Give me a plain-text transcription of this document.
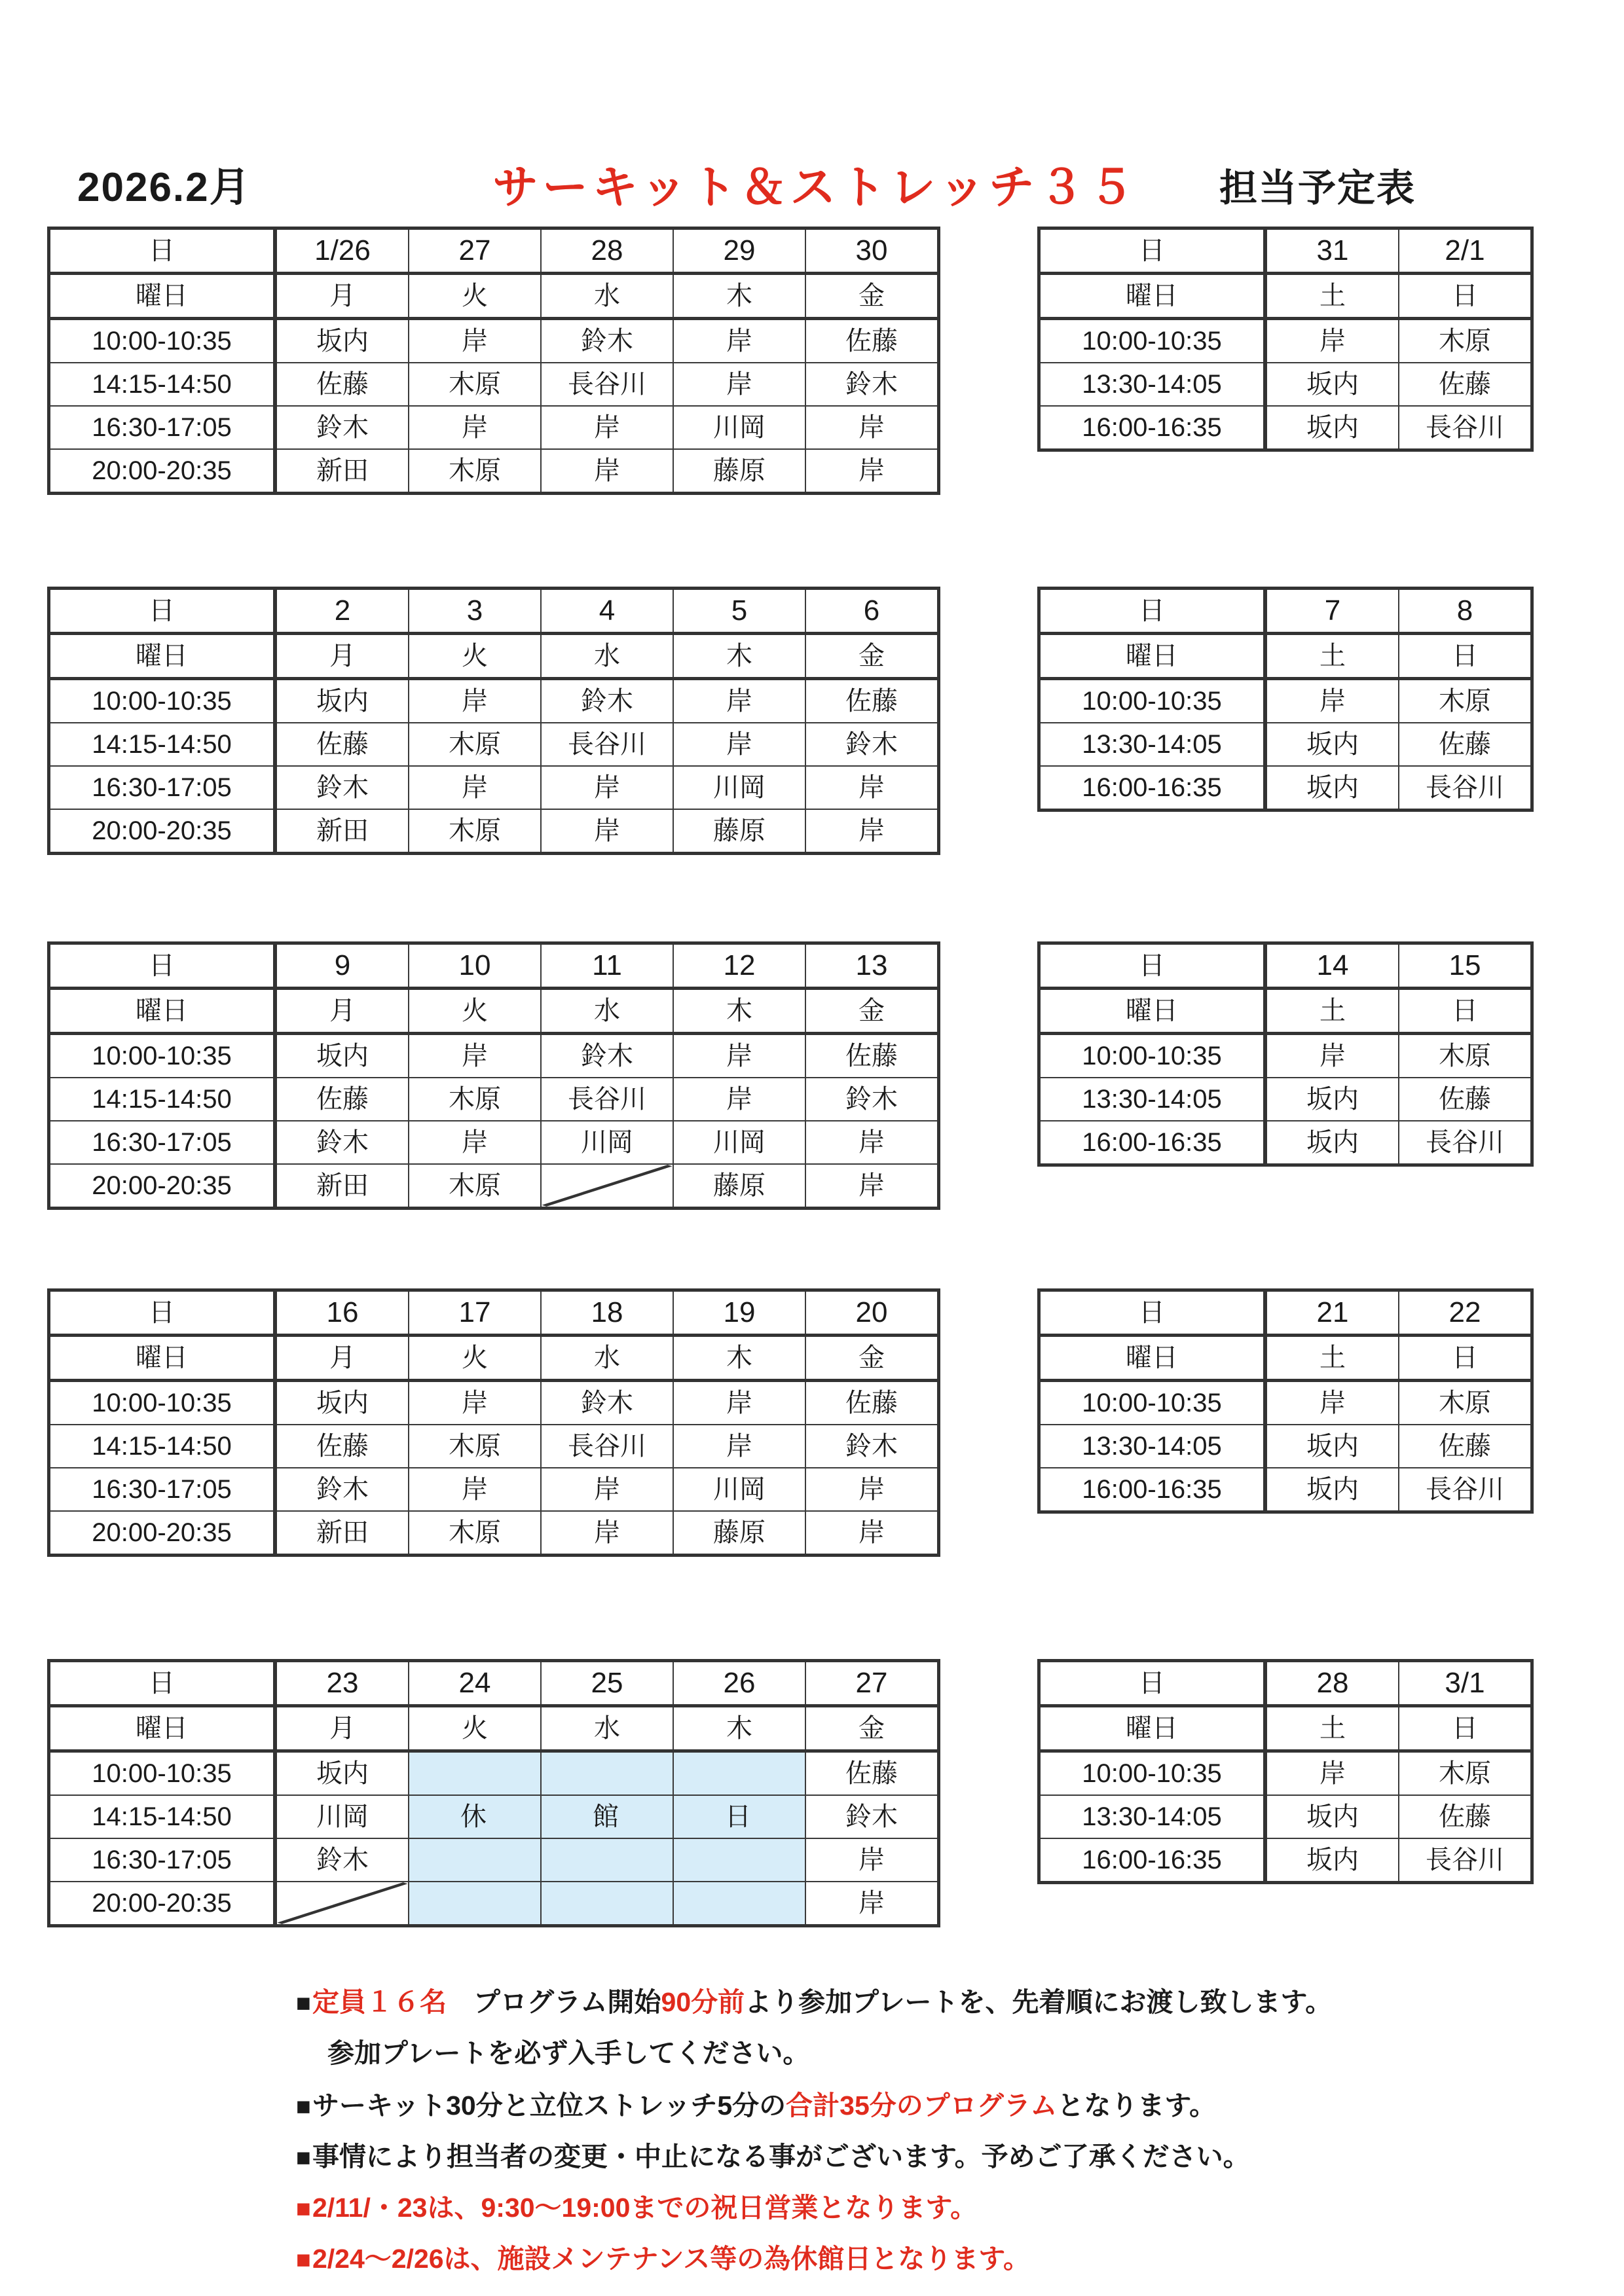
2026.2月	サーキット＆ストレッチ３５ 担当予定表
日	1/26	27	28	29	30
曜日	月	火	水	木	金
10:00-10:35	坂内	岸	鈴木	岸	佐藤
14:15-14:50	佐藤	木原	長谷川	岸	鈴木
16:30-17:05	鈴木	岸	岸	川岡	岸
20:00-20:35	新田	木原	岸	藤原	岸
日	31	2/1
曜日	土	日
10:00-10:35	岸	木原
13:30-14:05	坂内	佐藤
16:00-16:35	坂内	長谷川
日	2	3	4	5	6
曜日	月	火	水	木	金
10:00-10:35	坂内	岸	鈴木	岸	佐藤
14:15-14:50	佐藤	木原	長谷川	岸	鈴木
16:30-17:05	鈴木	岸	岸	川岡	岸
20:00-20:35	新田	木原	岸	藤原	岸
日	7	8
曜日	土	日
10:00-10:35	岸	木原
13:30-14:05	坂内	佐藤
16:00-16:35	坂内	長谷川
日	9	10	11	12	13
曜日	月	火	水	木	金
10:00-10:35	坂内	岸	鈴木	岸	佐藤
14:15-14:50	佐藤	木原	長谷川	岸	鈴木
16:30-17:05	鈴木	岸	川岡	川岡	岸
20:00-20:35	新田	木原		藤原	岸
日	14	15
曜日	土	日
10:00-10:35	岸	木原
13:30-14:05	坂内	佐藤
16:00-16:35	坂内	長谷川
日	16	17	18	19	20
曜日	月	火	水	木	金
10:00-10:35	坂内	岸	鈴木	岸	佐藤
14:15-14:50	佐藤	木原	長谷川	岸	鈴木
16:30-17:05	鈴木	岸	岸	川岡	岸
20:00-20:35	新田	木原	岸	藤原	岸
日	21	22
曜日	土	日
10:00-10:35	岸	木原
13:30-14:05	坂内	佐藤
16:00-16:35	坂内	長谷川
日	23	24	25	26	27
曜日	月	火	水	木	金
10:00-10:35	坂内				佐藤
14:15-14:50	川岡	休	館	日	鈴木
16:30-17:05	鈴木				岸
20:00-20:35					岸
日	28	3/1
曜日	土	日
10:00-10:35	岸	木原
13:30-14:05	坂内	佐藤
16:00-16:35	坂内	長谷川
■ 定員１６名　プログラム開始90分前より参加プレートを、先着順にお渡し致します。
参加プレートを必ず入手してください。
■ サーキット30分と立位ストレッチ5分の合計35分のプログラムとなります。
■ 事情により担当者の変更・中止になる事がございます。予めご了承ください。
■ 2/11/・23は、9:30〜19:00までの祝日営業となります。
■ 2/24〜2/26は、施設メンテナンス等の為休館日となります。
